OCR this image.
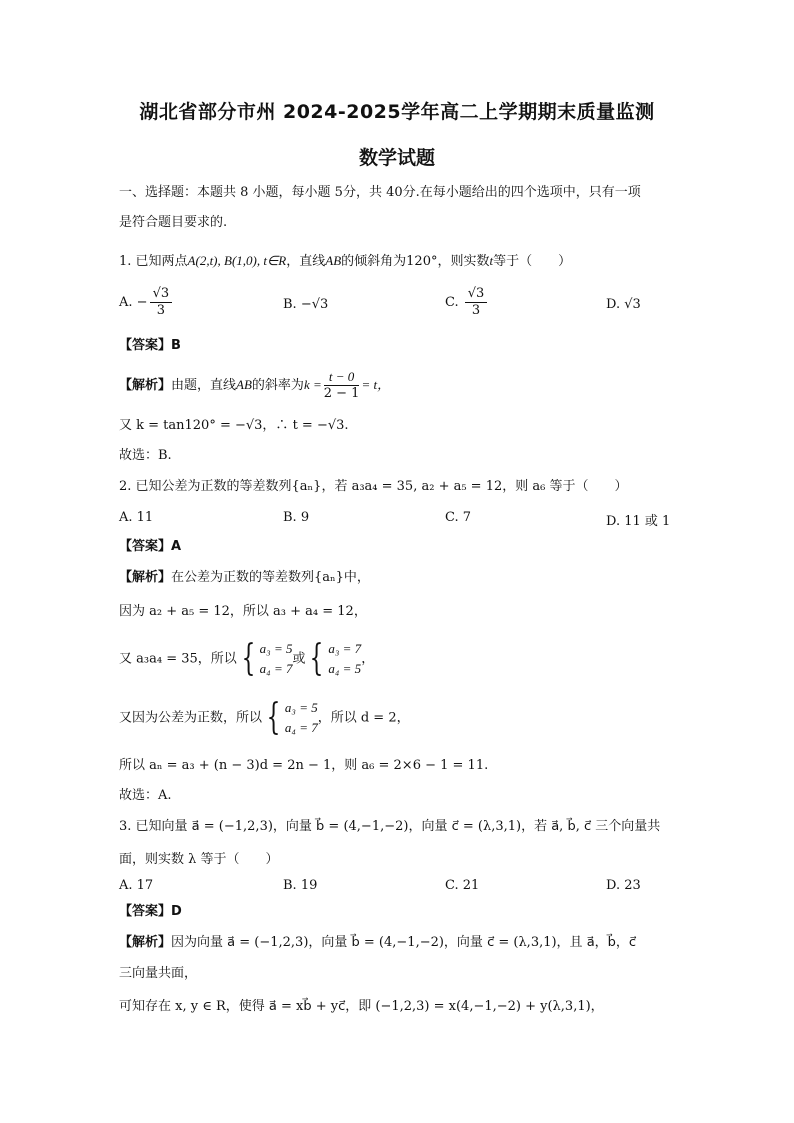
湖北省部分市州 2024-2025学年高二上学期期末质量监测
数学试题
一、选择题：本题共 8 小题，每小题 5分，共 40分.在每小题给出的四个选项中，只有一项
是符合题目要求的.
1. 已知两点A(2,t), B(1,0), t∈R，直线AB的倾斜角为120°，则实数t等于（　　）
A. − $\frac{√3}{3}$	B. −√3	C. $\frac{√3}{3}$	D. √3
【答案】B
【解析】由题，直线AB的斜率为$k = \frac{t - 0}{2 - 1} = t$，
又 k = tan120° = −√3，∴ t = −√3.
故选：B.
2. 已知公差为正数的等差数列{aₙ}，若 a₃a₄ = 35, a₂ + a₅ = 12，则 a₆ 等于（　　）
A. 11	B. 9	C. 7	D. 11 或 1
【答案】A
【解析】在公差为正数的等差数列{aₙ}中，
因为 a₂ + a₅ = 12，所以 a₃ + a₄ = 12，
又 a₃a₄ = 35，所以 { a₃ = 5
a₄ = 7
或 { a₃ = 7
a₄ = 5
，
又因为公差为正数，所以 { a₃ = 5
a₄ = 7
，所以 d = 2，
所以 aₙ = a₃ + (n − 3)d = 2n − 1，则 a₆ = 2×6 − 1 = 11.
故选：A.
3. 已知向量 a⃗ = (−1,2,3)，向量 b⃗ = (4,−1,−2)，向量 c⃗ = (λ,3,1)，若 a⃗, b⃗, c⃗ 三个向量共
面，则实数 λ 等于（　　）
A. 17	B. 19	C. 21	D. 23
【答案】D
【解析】因为向量 a⃗ = (−1,2,3)，向量 b⃗ = (4,−1,−2)，向量 c⃗ = (λ,3,1)，且 a⃗，b⃗，c⃗
三向量共面，
可知存在 x, y ∈ R，使得 a⃗ = xb⃗ + yc⃗，即 (−1,2,3) = x(4,−1,−2) + y(λ,3,1)，
